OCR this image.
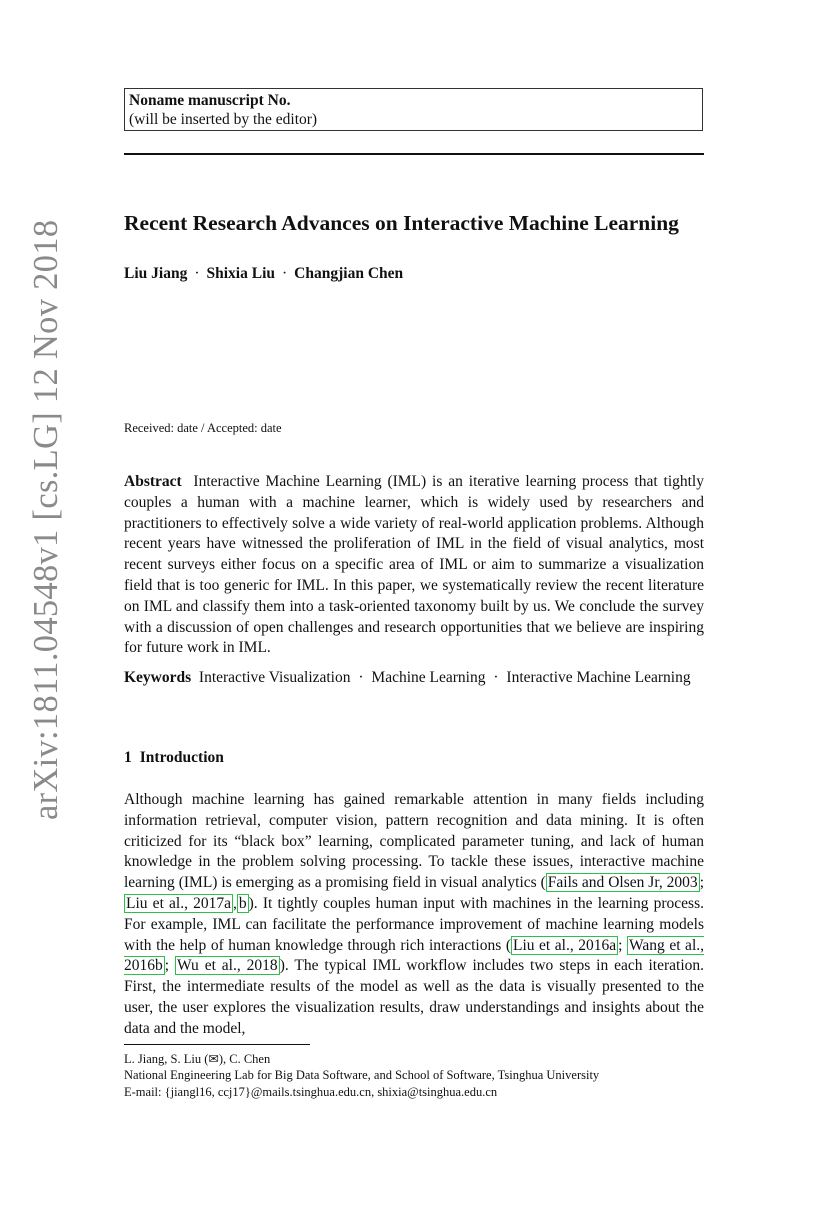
arXiv:1811.04548v1 [cs.LG] 12 Nov 2018
Noname manuscript No.
(will be inserted by the editor)
Recent Research Advances on Interactive Machine Learning
Liu Jiang · Shixia Liu · Changjian Chen
Received: date / Accepted: date
Abstract Interactive Machine Learning (IML) is an iterative learning process that tightly couples a human with a machine learner, which is widely used by researchers and practitioners to effectively solve a wide variety of real-world application problems. Although recent years have witnessed the proliferation of IML in the field of visual analytics, most recent surveys either focus on a specific area of IML or aim to summarize a visualization field that is too generic for IML. In this paper, we systematically review the recent literature on IML and classify them into a task-oriented taxonomy built by us. We conclude the survey with a discussion of open challenges and research opportunities that we believe are inspiring for future work in IML.
Keywords Interactive Visualization · Machine Learning · Interactive Machine Learning
1 Introduction
Although machine learning has gained remarkable attention in many fields including information retrieval, computer vision, pattern recognition and data mining. It is often criticized for its “black box” learning, complicated parameter tuning, and lack of human knowledge in the problem solving processing. To tackle these issues, interactive machine learning (IML) is emerging as a promising field in visual analytics ( Fails and Olsen Jr, 2003 ; Liu et al., 2017a , b ). It tightly couples human input with machines in the learning process. For example, IML can facilitate the performance improvement of machine learning models with the help of human knowledge through rich interactions ( Liu et al., 2016a ; Wang et al., 2016b ; Wu et al., 2018 ). The typical IML workflow includes two steps in each iteration. First, the intermediate results of the model as well as the data is visually presented to the user, the user explores the visualization results, draw understandings and insights about the data and the model,
L. Jiang, S. Liu (✉), C. Chen
National Engineering Lab for Big Data Software, and School of Software, Tsinghua University
E-mail: {jiangl16, ccj17}@mails.tsinghua.edu.cn, shixia@tsinghua.edu.cn
